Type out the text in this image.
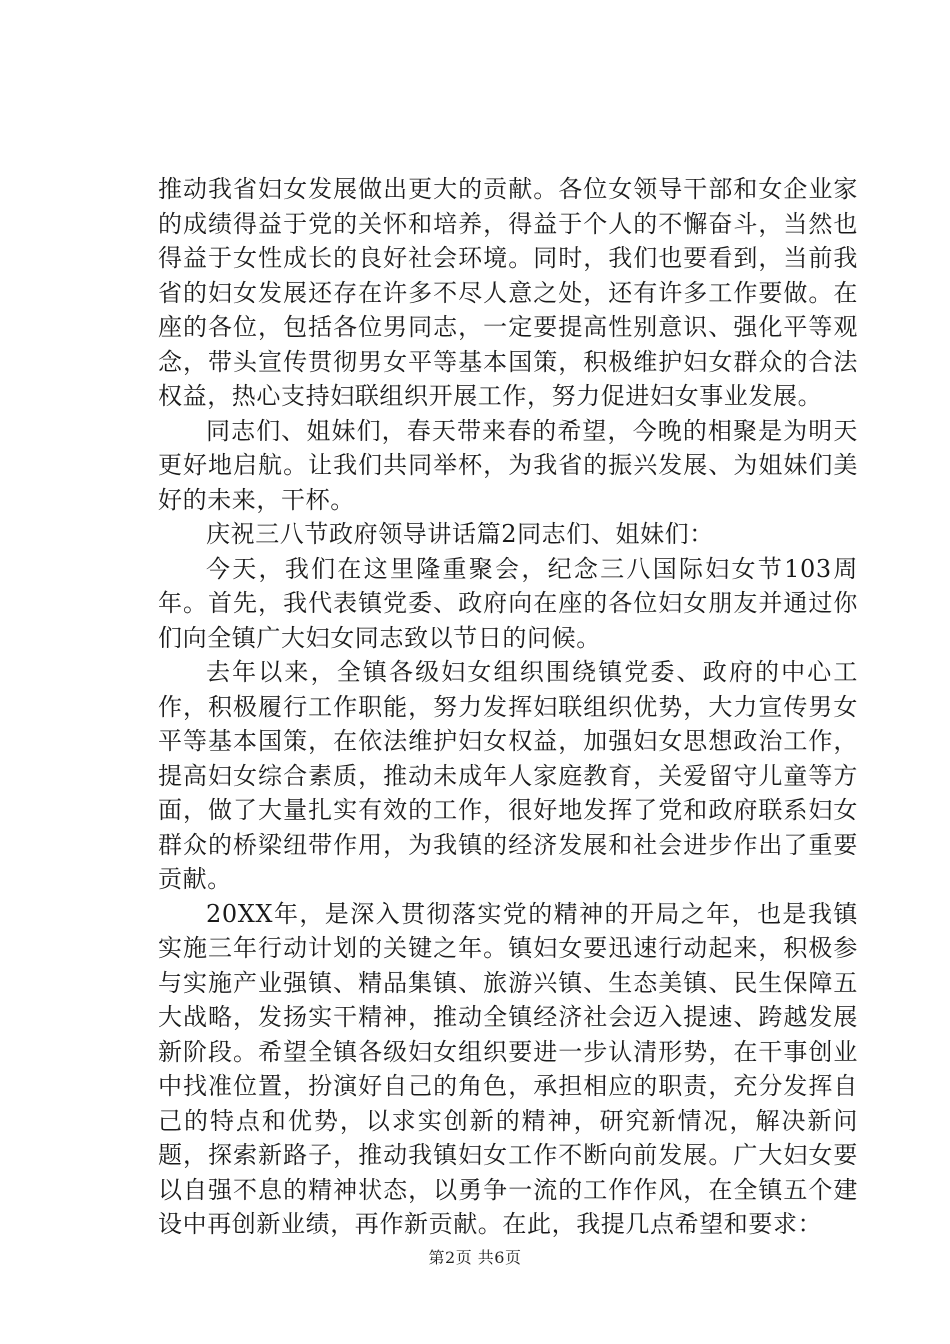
推动我省妇女发展做出更大的贡献。各位女领导干部和女企业家的成绩得益于党的关怀和培养，得益于个人的不懈奋斗，当然也得益于女性成长的良好社会环境。同时，我们也要看到，当前我省的妇女发展还存在许多不尽人意之处，还有许多工作要做。在座的各位，包括各位男同志，一定要提高性别意识、强化平等观念，带头宣传贯彻男女平等基本国策，积极维护妇女群众的合法权益，热心支持妇联组织开展工作，努力促进妇女事业发展。

同志们、姐妹们，春天带来春的希望，今晚的相聚是为明天更好地启航。让我们共同举杯，为我省的振兴发展、为姐妹们美好的未来，干杯。

庆祝三八节政府领导讲话篇2同志们、姐妹们：

今天，我们在这里隆重聚会，纪念三八国际妇女节103周年。首先，我代表镇党委、政府向在座的各位妇女朋友并通过你们向全镇广大妇女同志致以节日的问候。

去年以来，全镇各级妇女组织围绕镇党委、政府的中心工作，积极履行工作职能，努力发挥妇联组织优势，大力宣传男女平等基本国策，在依法维护妇女权益，加强妇女思想政治工作，提高妇女综合素质，推动未成年人家庭教育，关爱留守儿童等方面，做了大量扎实有效的工作，很好地发挥了党和政府联系妇女群众的桥梁纽带作用，为我镇的经济发展和社会进步作出了重要贡献。

20XX年，是深入贯彻落实党的精神的开局之年，也是我镇实施三年行动计划的关键之年。镇妇女要迅速行动起来，积极参与实施产业强镇、精品集镇、旅游兴镇、生态美镇、民生保障五大战略，发扬实干精神，推动全镇经济社会迈入提速、跨越发展新阶段。希望全镇各级妇女组织要进一步认清形势，在干事创业中找准位置，扮演好自己的角色，承担相应的职责，充分发挥自己的特点和优势，以求实创新的精神，研究新情况，解决新问题，探索新路子，推动我镇妇女工作不断向前发展。广大妇女要以自强不息的精神状态，以勇争一流的工作作风，在全镇五个建设中再创新业绩，再作新贡献。在此，我提几点希望和要求：

第2页 共6页
